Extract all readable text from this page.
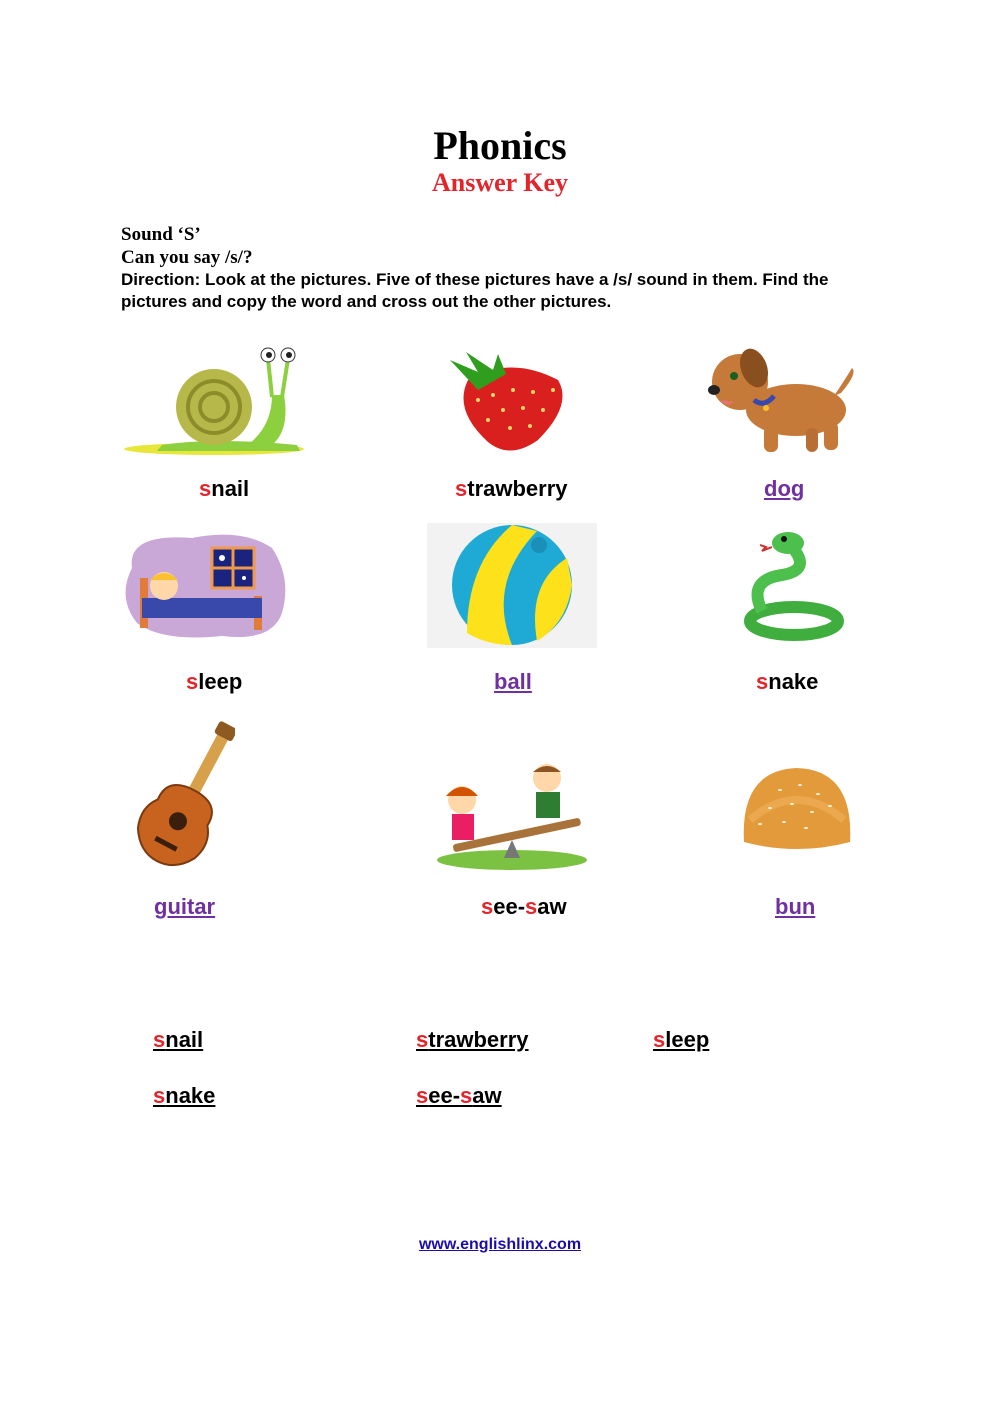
Phonics
Answer Key
Sound ‘S’
Can you say /s/?
Direction: Look at the pictures. Five of these pictures have a /s/ sound in them. Find the pictures and copy the word and cross out the other pictures.
snail	strawberry	dog
sleep	ball	snake
guitar	see-saw	bun
snail	strawberry	sleep
snake	see-saw
www.englishlinx.com
